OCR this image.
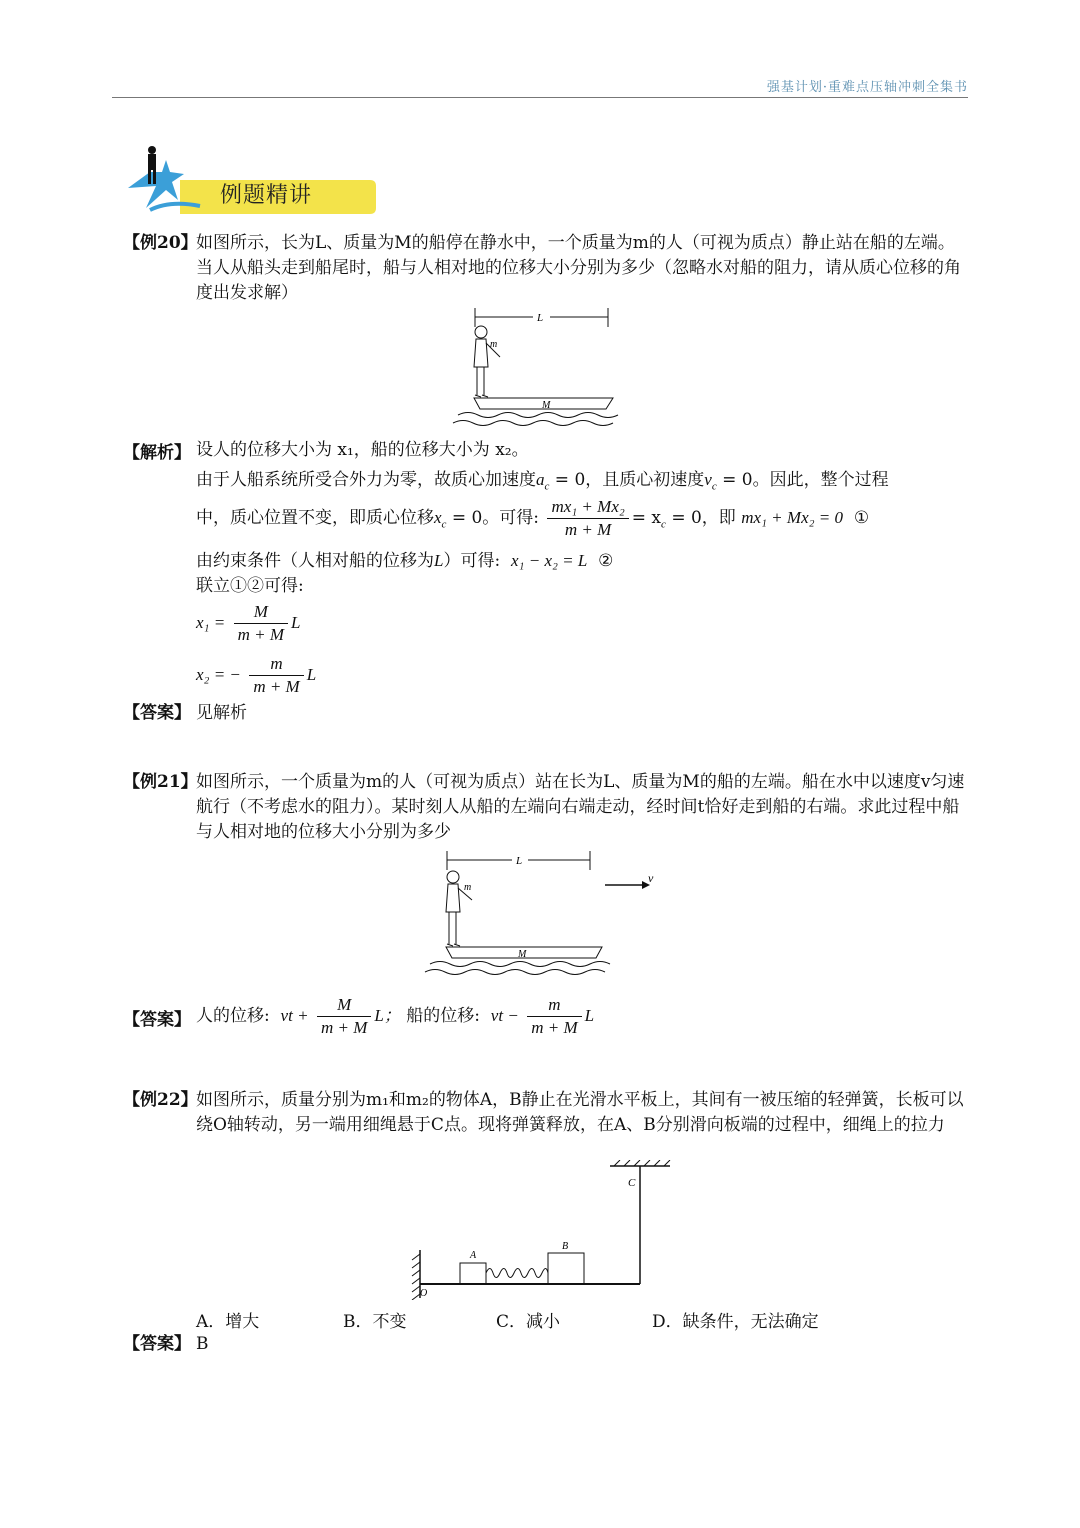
强基计划·重难点压轴冲刺全集书
例题精讲
【例20】
如图所示，长为L、质量为M的船停在静水中，一个质量为m的人（可视为质点）静止站在船的左端。当人从船头走到船尾时，船与人相对地的位移大小分别为多少（忽略水对船的阻力，请从质心位移的角度出发求解）
L
m
M
【解析】 设人的位移大小为 x₁，船的位移大小为 x₂。
由于人船系统所受合外力为零，故质心加速度$a_c = 0$，且质心初速度$v_c = 0$。因此，整个过程
中，质心位置不变，即质心位移$x_c = 0$。可得: $\frac{\text{mx₁ + Mx₂}}{m + M} = x_c = 0$，即 mx₁ + Mx₂ = 0 ①
由约束条件（人相对船的位移为L）可得: x₁ − x₂ = L ②
联立①②可得:
$x_1 = \frac{M}{m + M}$ L
x₂ = − $\frac{m}{m + M}$ L
【答案】 见解析
【例21】
如图所示，一个质量为m的人（可视为质点）站在长为L、质量为M的船的左端。船在水中以速度v匀速航行（不考虑水的阻力）。某时刻人从船的左端向右端走动，经时间t恰好走到船的右端。求此过程中船与人相对地的位移大小分别为多少
L
v
m
M
【答案】 人的位移: vt + $\frac{M}{m + M}$ L； 船的位移: vt − $\frac{m}{m + M}$ L
【例22】
如图所示，质量分别为m₁和m₂的物体A，B静止在光滑水平板上，其间有一被压缩的轻弹簧，长板可以绕O轴转动，另一端用细绳悬于C点。现将弹簧释放，在A、B分别滑向板端的过程中，细绳上的拉力
C
O
A
B
A．增大	B．不变	C．减小	D．缺条件，无法确定
【答案】 B
